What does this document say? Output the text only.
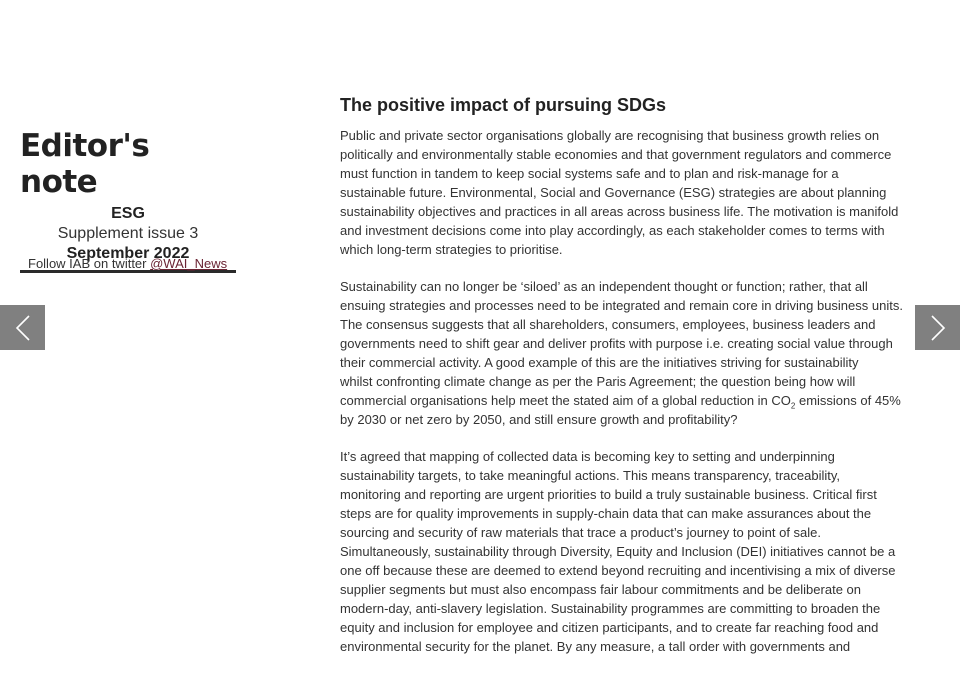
Editor's note
ESG
Supplement issue 3
September 2022
Follow IAB on twitter @WAI_News
The positive impact of pursuing SDGs
Public and private sector organisations globally are recognising that business growth relies on
politically and environmentally stable economies and that government regulators and commerce
must function in tandem to keep social systems safe and to plan and risk-manage for a
sustainable future. Environmental, Social and Governance (ESG) strategies are about planning
sustainability objectives and practices in all areas across business life. The motivation is manifold
and investment decisions come into play accordingly, as each stakeholder comes to terms with
which long-term strategies to prioritise.
Sustainability can no longer be ‘siloed’ as an independent thought or function; rather, that all
ensuing strategies and processes need to be integrated and remain core in driving business units.
The consensus suggests that all shareholders, consumers, employees, business leaders and
governments need to shift gear and deliver profits with purpose i.e. creating social value through
their commercial activity. A good example of this are the initiatives striving for sustainability
whilst confronting climate change as per the Paris Agreement; the question being how will
commercial organisations help meet the stated aim of a global reduction in $CO_2$ emissions of 45%
by 2030 or net zero by 2050, and still ensure growth and profitability?
It’s agreed that mapping of collected data is becoming key to setting and underpinning
sustainability targets, to take meaningful actions. This means transparency, traceability,
monitoring and reporting are urgent priorities to build a truly sustainable business. Critical first
steps are for quality improvements in supply-chain data that can make assurances about the
sourcing and security of raw materials that trace a product’s journey to point of sale.
Simultaneously, sustainability through Diversity, Equity and Inclusion (DEI) initiatives cannot be a
one off because these are deemed to extend beyond recruiting and incentivising a mix of diverse
supplier segments but must also encompass fair labour commitments and be deliberate on
modern-day, anti-slavery legislation. Sustainability programmes are committing to broaden the
equity and inclusion for employee and citizen participants, and to create far reaching food and
environmental security for the planet. By any measure, a tall order with governments and
